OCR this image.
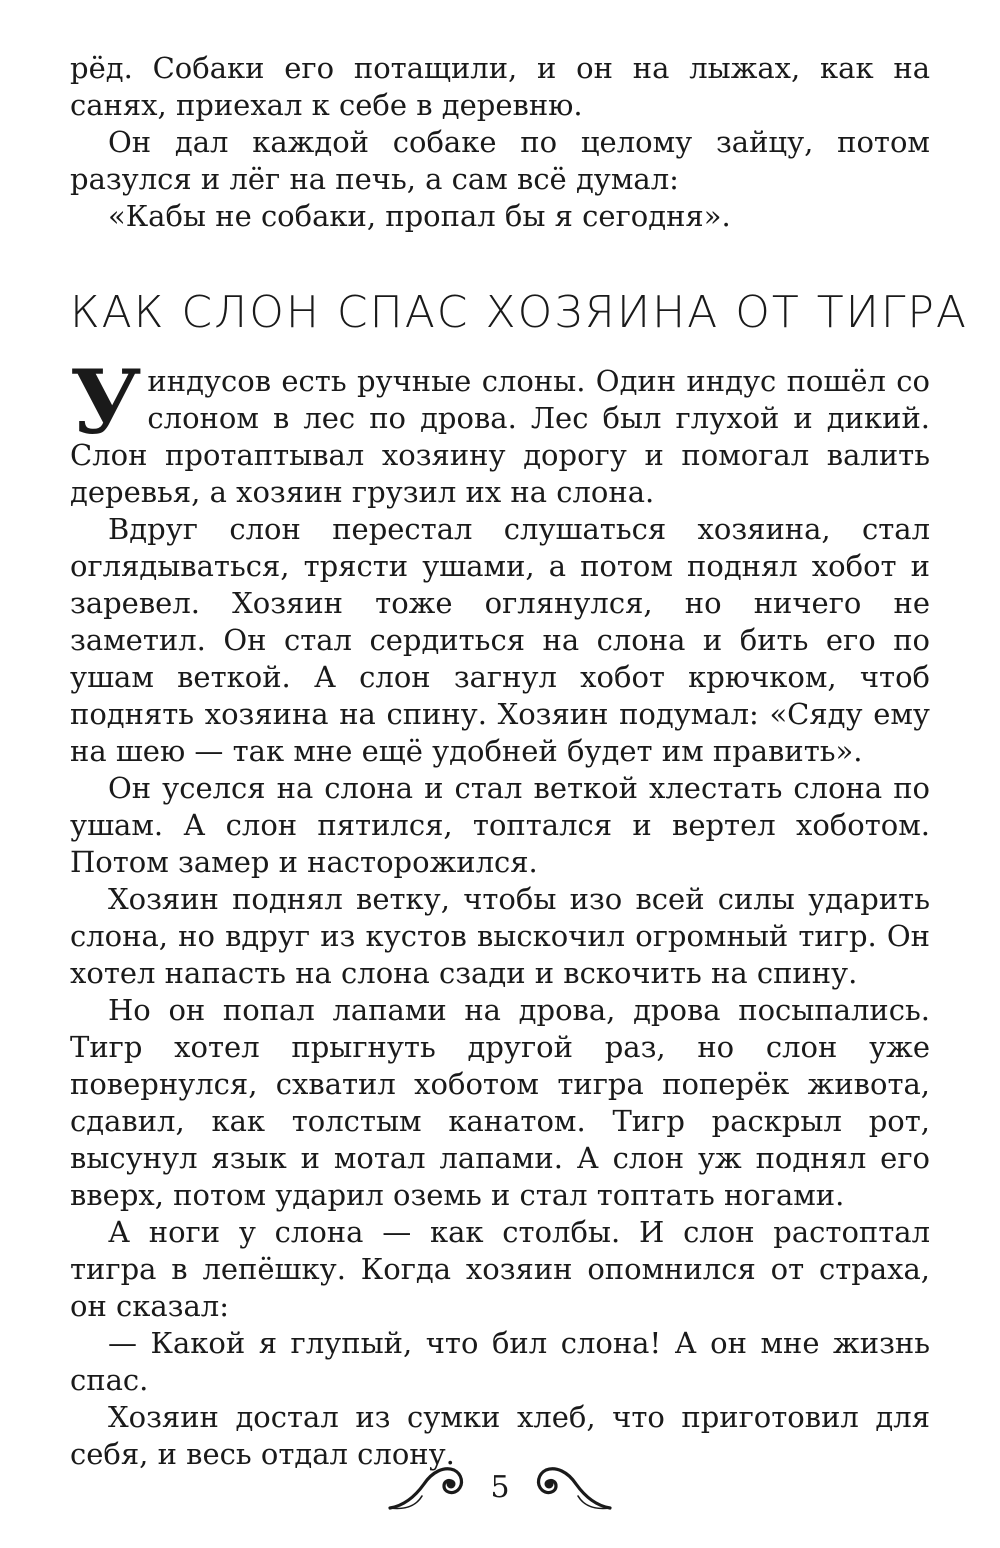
рёд. Собаки его потащили, и он на лыжах, как на санях, приехал к себе в деревню.

Он дал каждой собаке по целому зайцу, потом разулся и лёг на печь, а сам всё думал:

«Кабы не собаки, пропал бы я сегодня».

КАК СЛОН СПАС ХОЗЯИНА ОТ ТИГРА

У индусов есть ручные слоны. Один индус пошёл со слоном в лес по дрова. Лес был глухой и дикий. Слон протаптывал хозяину дорогу и помогал валить деревья, а хозяин грузил их на слона.

Вдруг слон перестал слушаться хозяина, стал оглядываться, трясти ушами, а потом поднял хобот и заревел. Хозяин тоже оглянулся, но ничего не заметил. Он стал сердиться на слона и бить его по ушам веткой. А слон загнул хобот крючком, чтоб поднять хозяина на спину. Хозяин подумал: «Сяду ему на шею — так мне ещё удобней будет им править».

Он уселся на слона и стал веткой хлестать слона по ушам. А слон пятился, топтался и вертел хоботом. Потом замер и насторожился.

Хозяин поднял ветку, чтобы изо всей силы ударить слона, но вдруг из кустов выскочил огромный тигр. Он хотел напасть на слона сзади и вскочить на спину.

Но он попал лапами на дрова, дрова посыпались. Тигр хотел прыгнуть другой раз, но слон уже повернулся, схватил хоботом тигра поперёк живота, сдавил, как толстым канатом. Тигр раскрыл рот, высунул язык и мотал лапами. А слон уж поднял его вверх, потом ударил оземь и стал топтать ногами.

А ноги у слона — как столбы. И слон растоптал тигра в лепёшку. Когда хозяин опомнился от страха, он сказал:

— Какой я глупый, что бил слона! А он мне жизнь спас.

Хозяин достал из сумки хлеб, что приготовил для себя, и весь отдал слону.

5
